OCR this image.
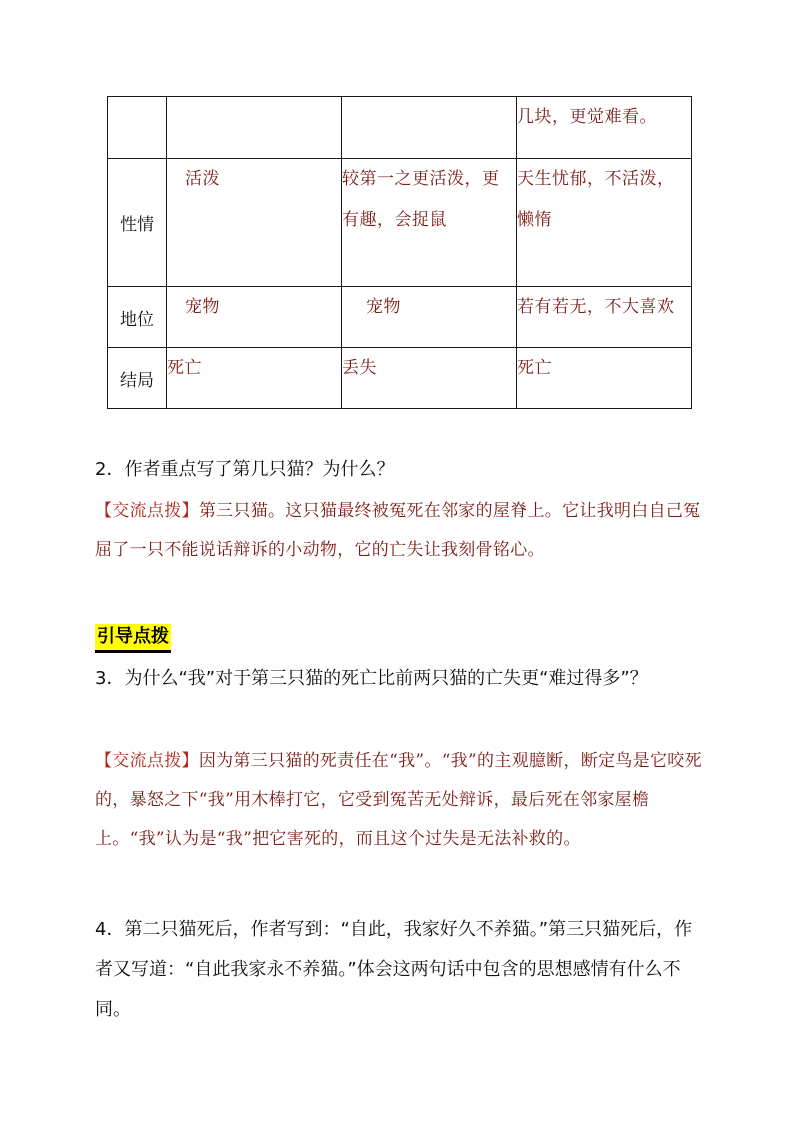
			几块，更觉难看。
性情	活泼	较第一之更活泼，更有趣，会捉鼠	天生忧郁，不活泼，懒惰
地位	宠物	宠物	若有若无，不大喜欢
结局	死亡	丢失	死亡
2．作者重点写了第几只猫？为什么？
【交流点拨】第三只猫。这只猫最终被冤死在邻家的屋脊上。它让我明白自己冤屈了一只不能说话辩诉的小动物，它的亡失让我刻骨铭心。
引导点拨
3．为什么“我”对于第三只猫的死亡比前两只猫的亡失更“难过得多”？
【交流点拨】因为第三只猫的死责任在“我”。“我”的主观臆断，断定鸟是它咬死的，暴怒之下“我”用木棒打它，它受到冤苦无处辩诉，最后死在邻家屋檐上。“我”认为是“我”把它害死的，而且这个过失是无法补救的。
4．第二只猫死后，作者写到：“自此，我家好久不养猫。”第三只猫死后，作者又写道：“自此我家永不养猫。”体会这两句话中包含的思想感情有什么不同。
